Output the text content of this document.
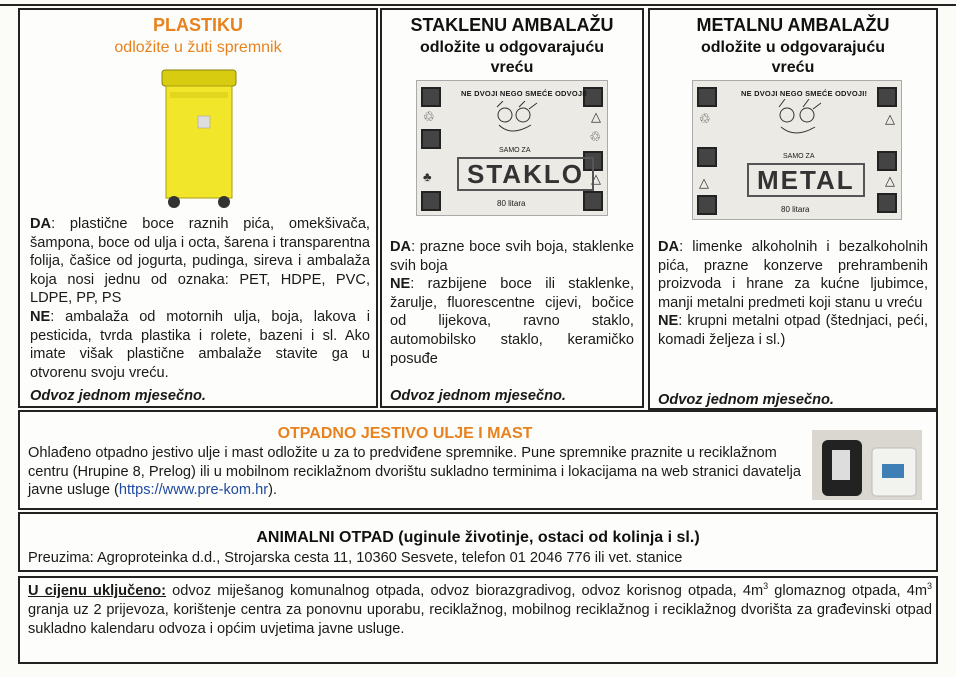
PLASTIKU
odložite u žuti spremnik
DA: plastične boce raznih pića, omekšivača, šampona, boce od ulja i octa, šarena i transparentna folija, čašice od jogurta, pudinga, sireva i ambalaža koja nosi jednu od oznaka: PET, HDPE, PVC, LDPE, PP, PS
NE: ambalaža od motornih ulja, boja, lakova i pesticida, tvrda plastika i rolete, bazeni i sl. Ako imate višak plastične ambalaže stavite ga u otvorenu svoju vreću.
Odvoz jednom mjesečno.
STAKLENU AMBALAŽU
odložite u odgovarajuću vreću
♲
♣
△
♲
△
NE DVOJI NEGO SMEĆE ODVOJI!
SAMO ZA
STAKLO
80 litara
DA: prazne boce svih boja, staklenke svih boja
NE: razbijene boce ili staklenke, žarulje, fluorescentne cijevi, bočice od lijekova, ravno staklo, automobilsko staklo, keramičko posuđe
Odvoz jednom mjesečno.
METALNU AMBALAŽU
odložite u odgovarajuću vreću
♲
△
△
△
NE DVOJI NEGO SMEĆE ODVOJI!
SAMO ZA
METAL
80 litara
DA: limenke alkoholnih i bezalkoholnih pića, prazne konzerve prehrambenih proizvoda i hrane za kućne ljubimce, manji metalni predmeti koji stanu u vreću
NE: krupni metalni otpad (štednjaci, peći, komadi željeza i sl.)
Odvoz jednom mjesečno.
OTPADNO JESTIVO ULJE I MAST
Ohlađeno otpadno jestivo ulje i mast odložite u za to predviđene spremnike. Pune spremnike praznite u reciklažnom centru (Hrupine 8, Prelog) ili u mobilnom reciklažnom dvorištu sukladno terminima i lokacijama na web stranici davatelja javne usluge (https://www.pre-kom.hr).
ANIMALNI OTPAD (uginule životinje, ostaci od kolinja i sl.)
Preuzima: Agroproteinka d.d., Strojarska cesta 11, 10360 Sesvete, telefon 01 2046 776 ili vet. stanice
U cijenu uključeno: odvoz miješanog komunalnog otpada, odvoz biorazgradivog, odvoz korisnog otpada, $4m^3$ glomaznog otpada, $4m^3$ granja uz 2 prijevoza, korištenje centra za ponovnu uporabu, reciklažnog, mobilnog reciklažnog i reciklažnog dvorišta za građevinski otpad sukladno kalendaru odvoza i općim uvjetima javne usluge.
